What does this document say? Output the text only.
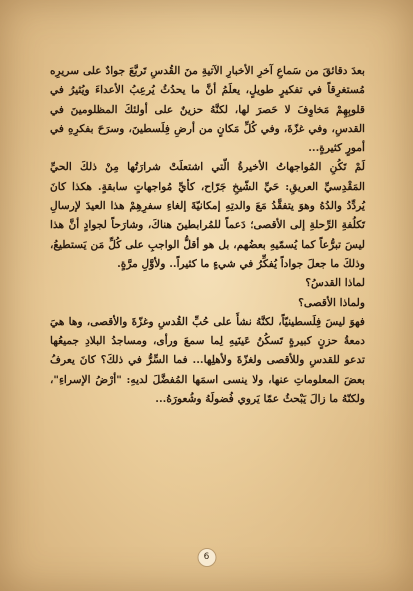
بعدَ دقائقَ من سَماعِ آخرِ الأخبارِ الآتيةِ منَ القُدسِ تَربَّعَ جوادٌ على سريرِه مُستغرِقاً في تفكيرٍ طويلٍ، يعلَمُ أنَّ ما يحدُثُ يُرعِبُ الأعداءَ ويُثيرُ في قلوبِهِمْ مَخاوِفَ لا حَصرَ لها، لكنَّهُ حزينٌ على أولئكَ المظلومينَ في القدسِ، وفي غزّةَ، وفي كُلِّ مَكانٍ من أرضِ فِلَسطينَ، وسرَحَ بفكرِهِ في أمورٍ كثيرةٍ...

لَمْ تَكُنِ المُواجهاتُ الأخيرةُ الّتي اشتعلَتْ شرارَتُها مِنْ ذلكَ الحيِّ المَقْدِسيِّ العريقِ: حَيِّ الشّيخِ جَرّاح، كأيِّ مُواجهاتٍ سابقةٍ. هكذا كانَ يُردِّدُ والدُهُ وهوَ يتفقَّدُ مَعَ والدتِهِ إمكانيّةَ إلغاءِ سفرِهِمْ هذا العيدَ لإرسالِ تَكلُفةِ الرِّحلةِ إلى الأقصى؛ دَعماً للمُرابطينَ هناكَ، وشارَحاً لجوادٍ أنَّ هذا ليسَ تبرُّعاً كما يُسمّيهِ بعضُهم، بل هو أقلُّ الواجبِ على كُلِّ مَن يَستطيعُ، وذلكَ ما جعلَ جواداً يُفكِّرُ في شيءٍ ما كثيراً.. ولأوَّلِ مرَّةٍ.

لماذا القدسُ؟

ولماذا الأقصى؟

فهوَ ليسَ فِلَسطينيّاً، لكنَّهُ نشأَ على حُبِّ القُدسِ وغزّةَ والأقصى، وها هيَ دمعةُ حزنٍ كبيرةٍ تَسكُنُ عَينَيهِ لِما سمعَ ورأى، ومساجدُ البلادِ جميعُها تدعو للقدسِ وللأقصى ولغزّةَ ولأهلِها... فما السِّرُّ في ذلكَ؟ كانَ يعرفُ بعضَ المعلوماتِ عنها، ولا ينسى اسمَها المُفضَّلَ لديهِ: "أرْضُ الإسراءِ"، ولكنّهُ ما زالَ يَبْحثُ عمّا يَروي فُضولَهُ وشُعورَهُ...

6
